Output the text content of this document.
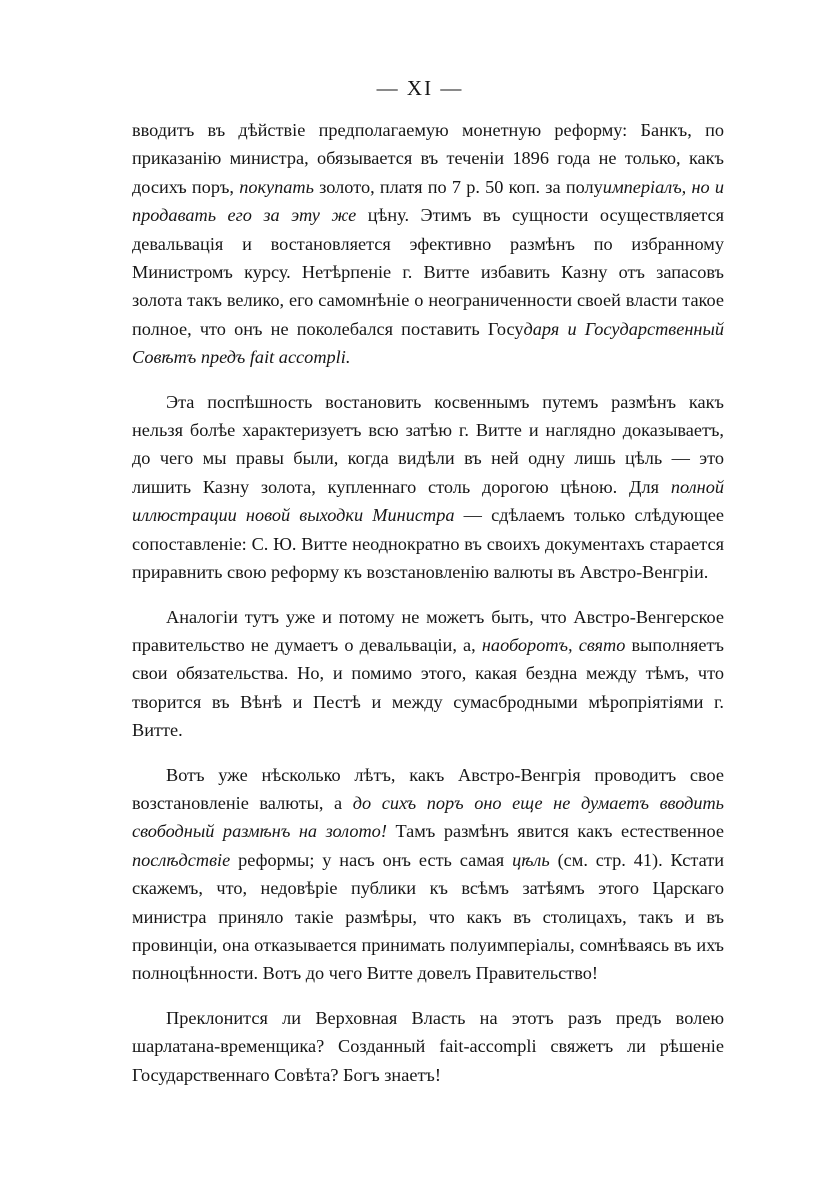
— XI —

вводитъ въ дѣйствіе предполагаемую монетную реформу: Банкъ, по приказанію министра, обязывается въ теченіи 1896 года не только, какъ досихъ поръ, покупать золото, платя по 7 р. 50 коп. за полуимпеpiалъ, но и продавать его за эту же цѣну. Этимъ въ сущности осуществляется девальвація и востановляется эфективно размѣнъ по избранному Министромъ курсу. Нетѣрпеніе г. Витте избавить Казну отъ запасовъ золота такъ велико, его самомнѣніе о неограниченности своей власти такое полное, что онъ не поколебался поставить Государя и Государственный Совѣтъ предъ fait accompli.

Эта поспѣшность востановить косвеннымъ путемъ размѣнъ какъ нельзя болѣе характеризуетъ всю затѣю г. Витте и наглядно доказываетъ, до чего мы правы были, когда видѣли въ ней одну лишь цѣль — это лишить Казну золота, купленнаго столь дорогою цѣною. Для полной иллюстрации новой выходки Министра — сдѣлаемъ только слѣдующее сопоставленіе: С. Ю. Витте неоднократно въ своихъ документахъ старается приравнить свою реформу къ возстановленію валюты въ Австро-Венгріи.

Аналогіи тутъ уже и потому не можетъ быть, что Австро-Венгерское правительство не думаетъ о девальваціи, а, наоборотъ, свято выполняетъ свои обязательства. Но, и помимо этого, какая бездна между тѣмъ, что творится въ Вѣнѣ и Пестѣ и между сумасбродными мѣропріятіями г. Витте.

Вотъ уже нѣсколько лѣтъ, какъ Австро-Венгрія проводитъ свое возстановленіе валюты, а до сихъ поръ оно еще не думаетъ вводить свободный размѣнъ на золото! Тамъ размѣнъ явится какъ естественное послѣдствіе реформы; у насъ онъ есть самая цѣль (см. стр. 41). Кстати скажемъ, что, недовѣріе публики къ всѣмъ затѣямъ этого Царскаго министра приняло такіе размѣры, что какъ въ столицахъ, такъ и въ провинціи, она отказывается принимать полуимперіалы, сомнѣваясь въ ихъ полноцѣнности. Вотъ до чего Витте довелъ Правительство!

Преклонится ли Верховная Власть на этотъ разъ предъ волею шарлатана-временщика? Созданный fait-accompli свяжетъ ли рѣшеніе Государственнаго Совѣта? Богъ знаетъ!
